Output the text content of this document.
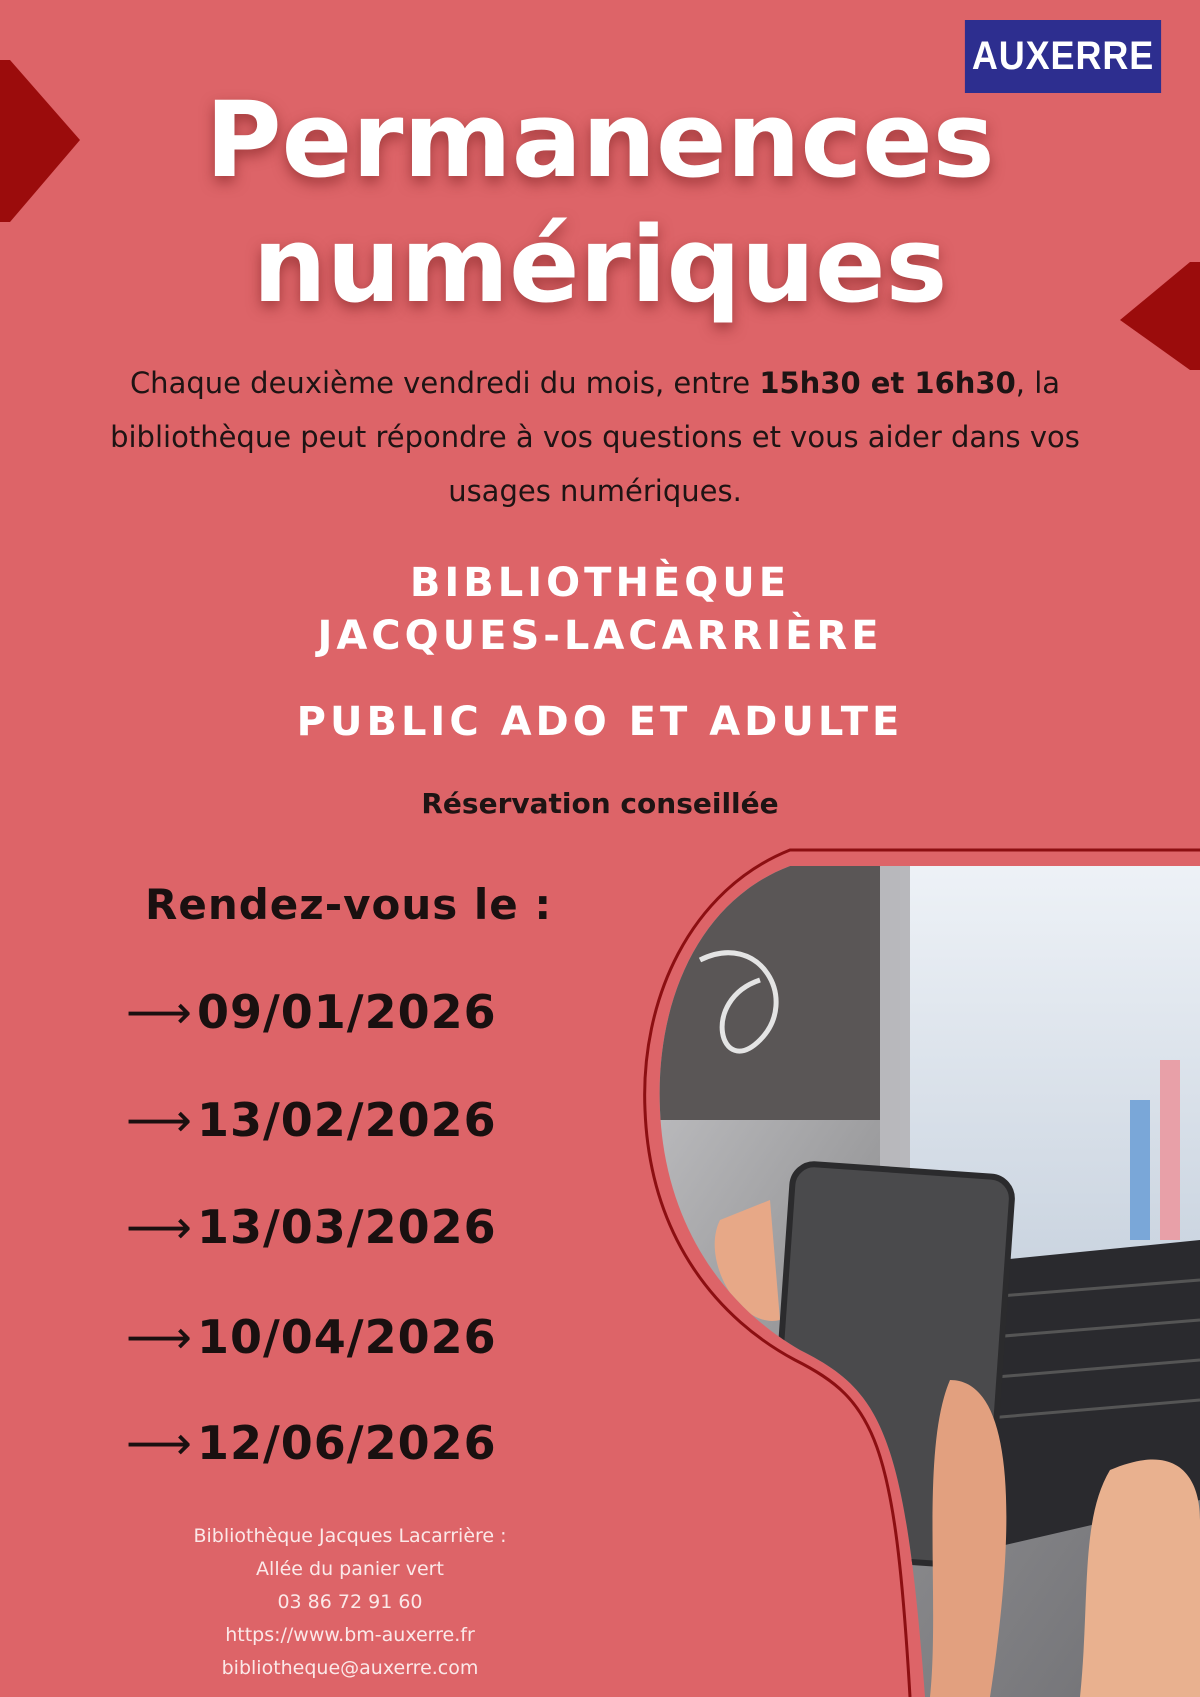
AUXERRE
Permanences
numériques
Chaque deuxième vendredi du mois, entre 15h30 et 16h30, la bibliothèque peut répondre à vos questions et vous aider dans vos usages numériques.
BIBLIOTHÈQUE
JACQUES-LACARRIÈRE
PUBLIC ADO ET ADULTE
Réservation conseillée
Rendez-vous le :
⟶ 09/01/2026
⟶ 13/02/2026
⟶ 13/03/2026
⟶ 10/04/2026
⟶ 12/06/2026
Bibliothèque Jacques Lacarrière :
Allée du panier vert
03 86 72 91 60
https://www.bm-auxerre.fr
bibliotheque@auxerre.com
